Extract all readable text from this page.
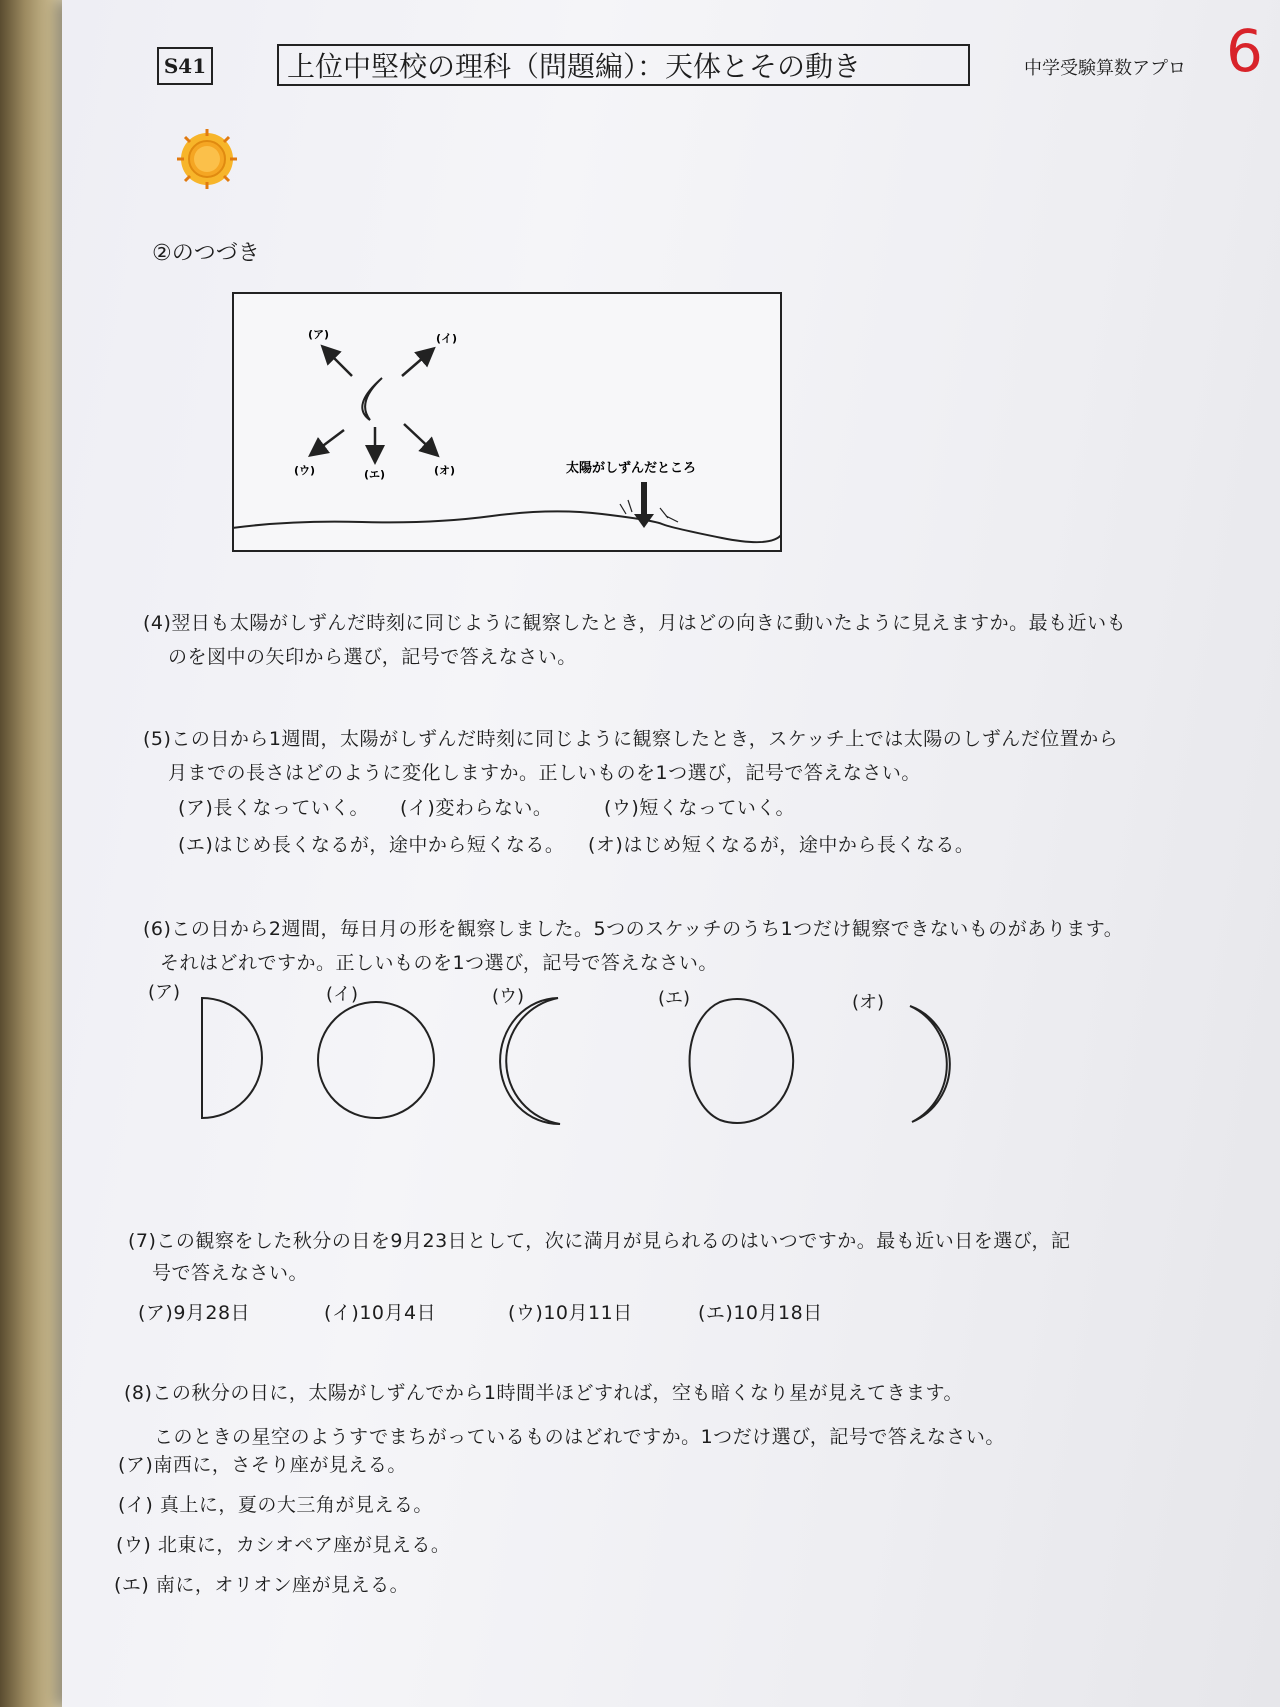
S41	上位中堅校の理科（問題編）：天体とその動き	中学受験算数アプロ 6
②のつづき
(ア)	(イ)
(ウ)	(エ)	(オ)	太陽がしずんだところ
(4)翌日も太陽がしずんだ時刻に同じように観察したとき，月はどの向きに動いたように見えますか。最も近いも
のを図中の矢印から選び，記号で答えなさい。
(5)この日から1週間，太陽がしずんだ時刻に同じように観察したとき，スケッチ上では太陽のしずんだ位置から
月までの長さはどのように変化しますか。正しいものを1つ選び，記号で答えなさい。
(ア)長くなっていく。 (イ)変わらない。	(ウ)短くなっていく。
(エ)はじめ長くなるが，途中から短くなる。 (オ)はじめ短くなるが，途中から長くなる。
(6)この日から2週間，毎日月の形を観察しました。5つのスケッチのうち1つだけ観察できないものがあります。
それはどれですか。正しいものを1つ選び，記号で答えなさい。
(ア)	(イ)	(ウ)	(エ)	(オ)
(7)この観察をした秋分の日を9月23日として，次に満月が見られるのはいつですか。最も近い日を選び，記
号で答えなさい。
(ア)9月28日	(イ)10月4日	(ウ)10月11日	(エ)10月18日
(8)この秋分の日に，太陽がしずんでから1時間半ほどすれば，空も暗くなり星が見えてきます。
このときの星空のようすでまちがっているものはどれですか。1つだけ選び，記号で答えなさい。
(ア)南西に，さそり座が見える。
(イ) 真上に，夏の大三角が見える。
(ウ) 北東に，カシオペア座が見える。
(エ) 南に，オリオン座が見える。
